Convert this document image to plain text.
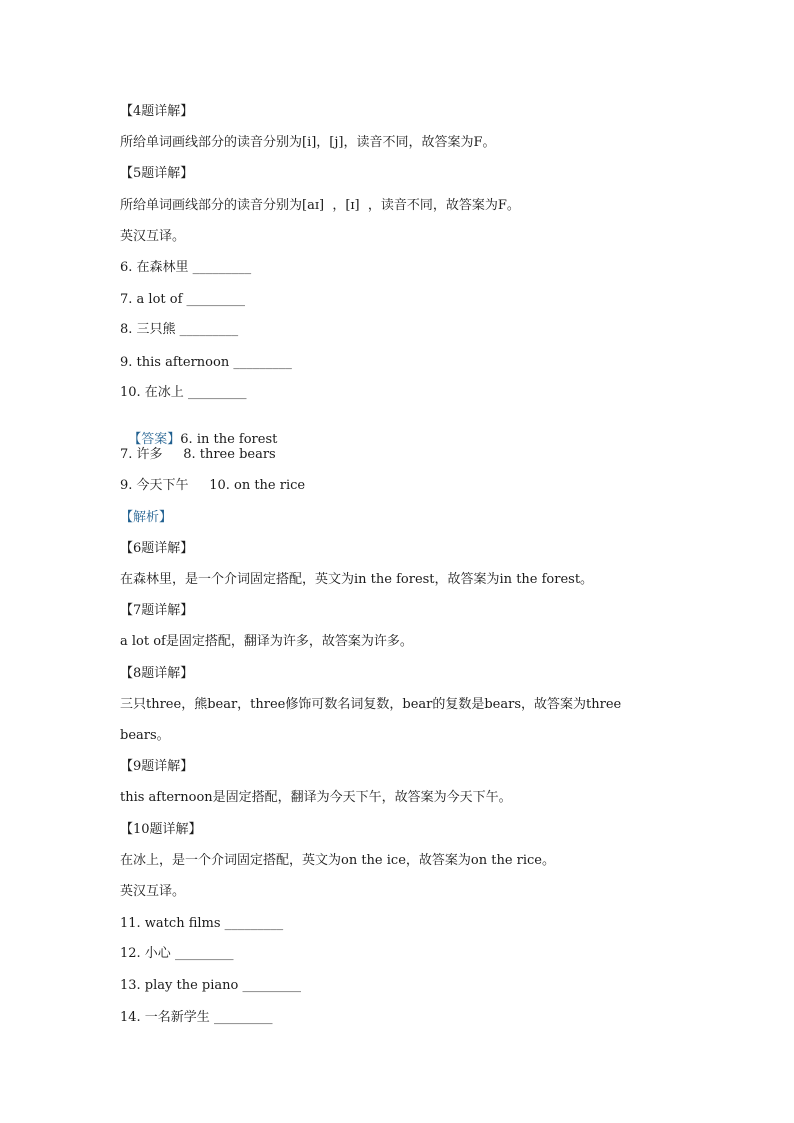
【4题详解】
所给单词画线部分的读音分别为[i]，[j]，读音不同，故答案为F。
【5题详解】
所给单词画线部分的读音分别为[aɪ]  ，[ɪ]  ，读音不同，故答案为F。
英汉互译。
6. 在森林里 _________
7. a lot of _________
8. 三只熊 _________
9. this afternoon _________
10. 在冰上 _________

【答案】6. in the forest

7. 许多     8. three bears
9. 今天下午     10. on the rice
【解析】
【6题详解】
在森林里，是一个介词固定搭配，英文为in the forest，故答案为in the forest。
【7题详解】
a lot of是固定搭配，翻译为许多，故答案为许多。
【8题详解】
三只three，熊bear，three修饰可数名词复数，bear的复数是bears，故答案为three
bears。
【9题详解】
this afternoon是固定搭配，翻译为今天下午，故答案为今天下午。
【10题详解】
在冰上，是一个介词固定搭配，英文为on the ice，故答案为on the rice。
英汉互译。
11. watch films _________
12. 小心 _________
13. play the piano _________
14. 一名新学生 _________
